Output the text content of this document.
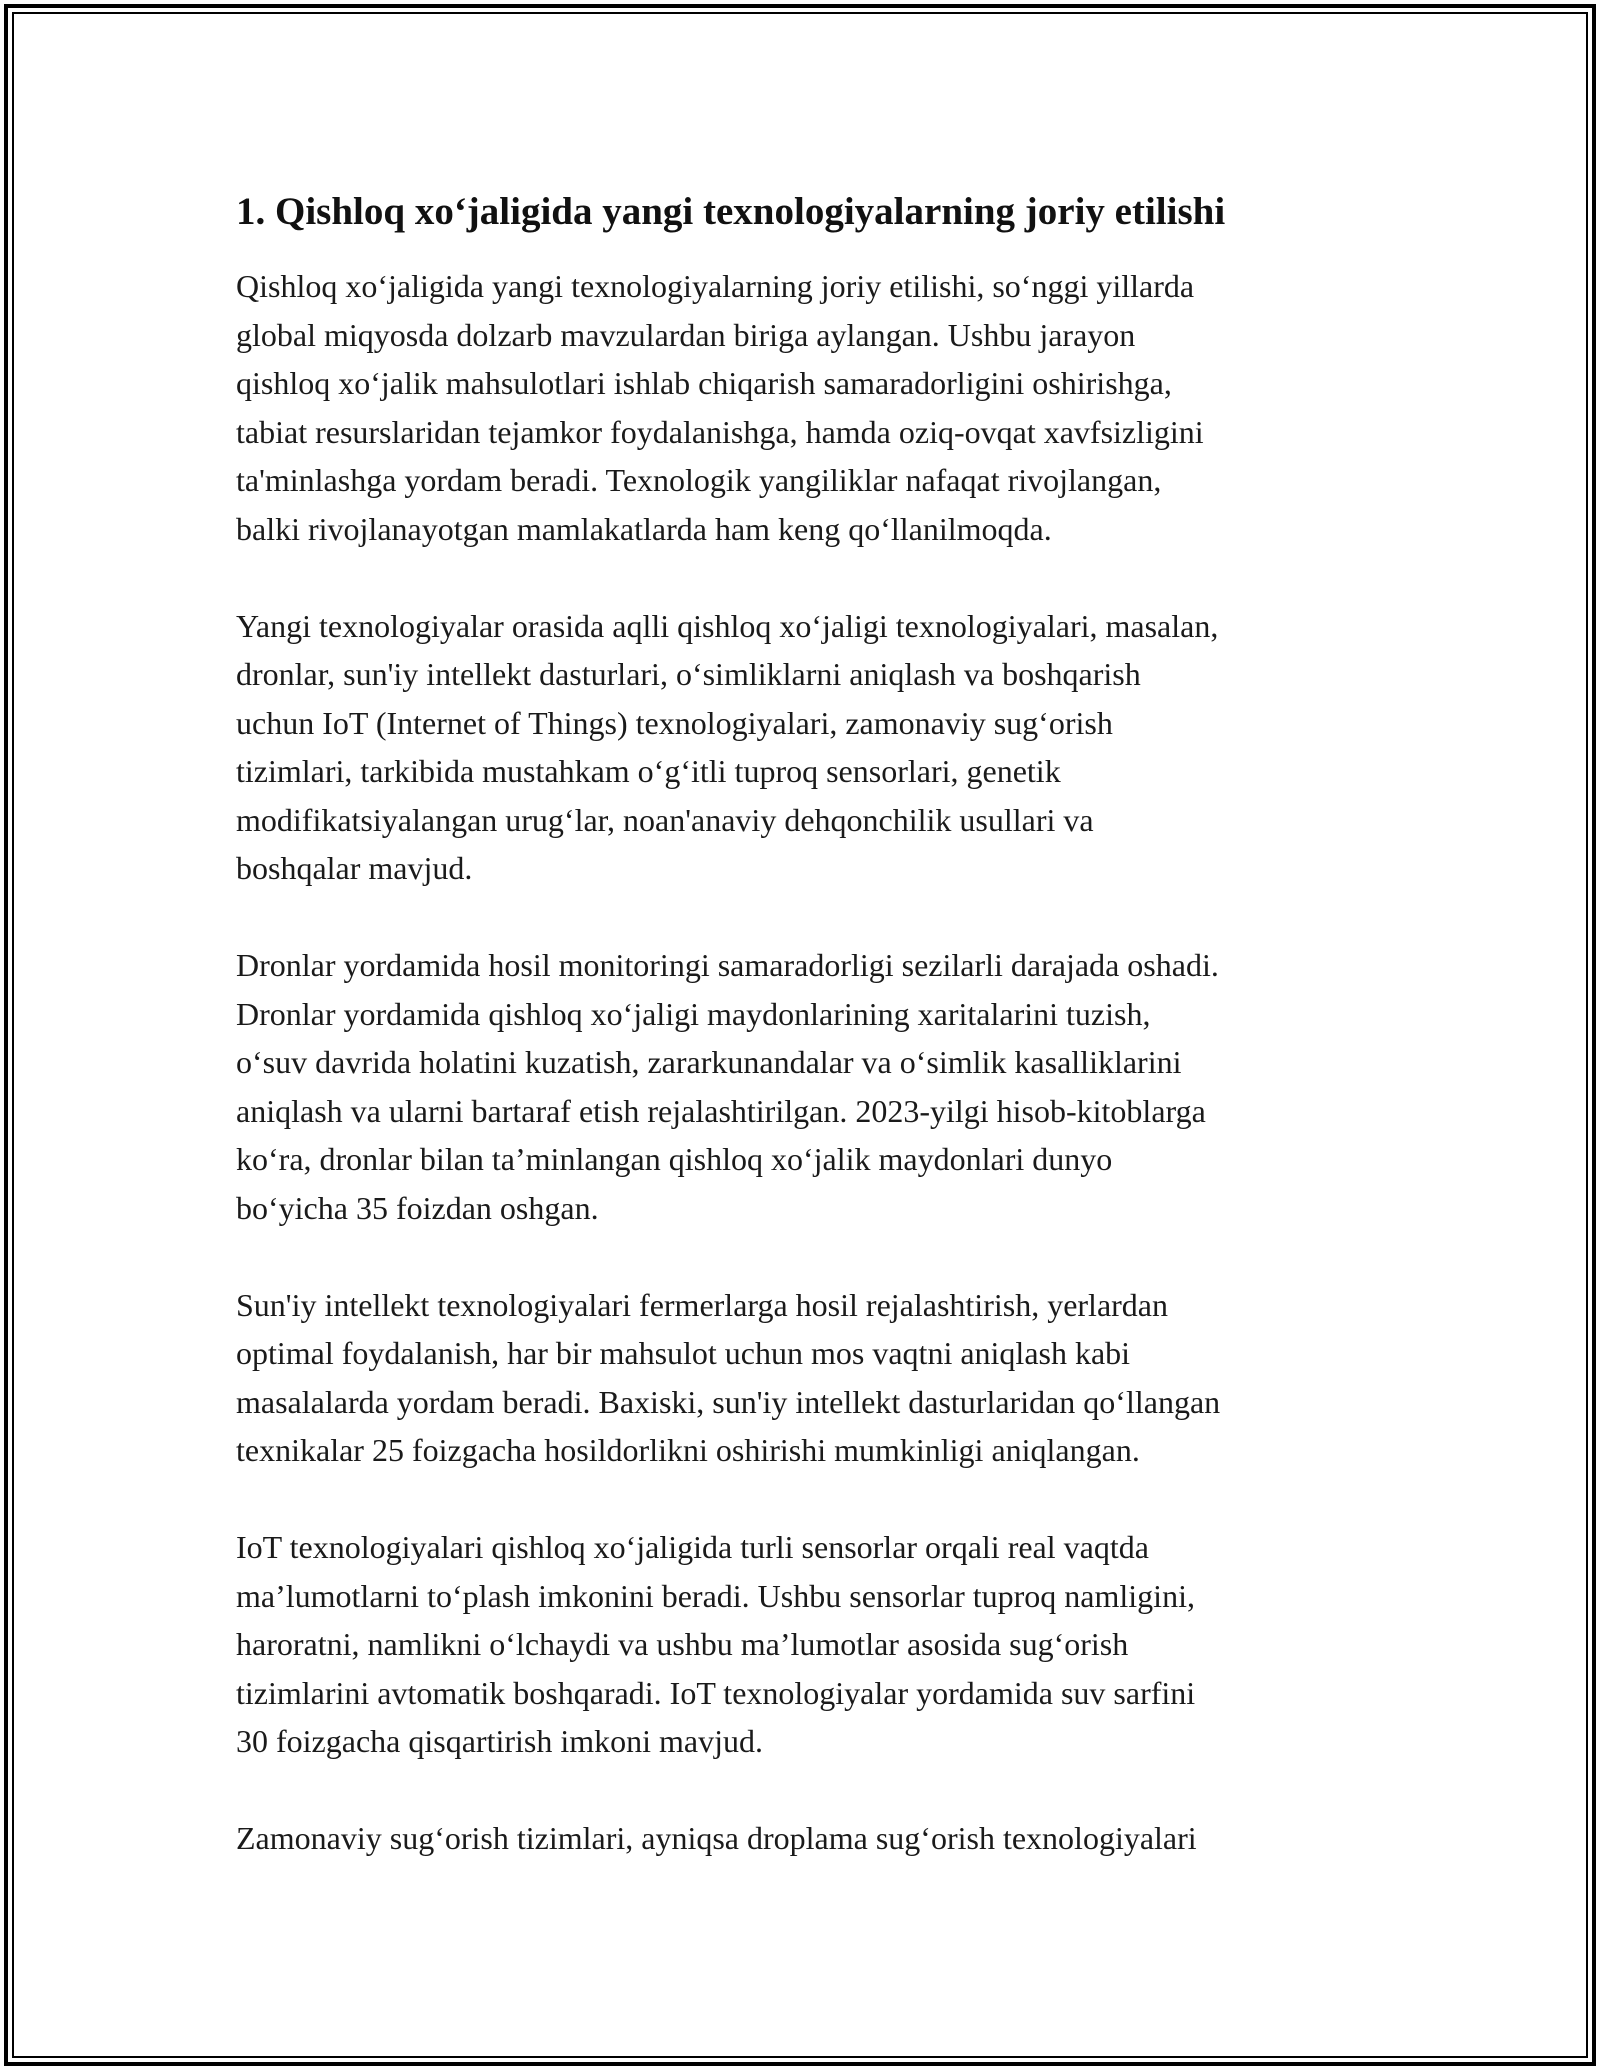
1. Qishloq xo‘jaligida yangi texnologiyalarning joriy etilishi

Qishloq xo‘jaligida yangi texnologiyalarning joriy etilishi, so‘nggi yillarda
global miqyosda dolzarb mavzulardan biriga aylangan. Ushbu jarayon
qishloq xo‘jalik mahsulotlari ishlab chiqarish samaradorligini oshirishga,
tabiat resurslaridan tejamkor foydalanishga, hamda oziq-ovqat xavfsizligini
ta'minlashga yordam beradi. Texnologik yangiliklar nafaqat rivojlangan,
balki rivojlanayotgan mamlakatlarda ham keng qo‘llanilmoqda.

Yangi texnologiyalar orasida aqlli qishloq xo‘jaligi texnologiyalari, masalan,
dronlar, sun'iy intellekt dasturlari, o‘simliklarni aniqlash va boshqarish
uchun IoT (Internet of Things) texnologiyalari, zamonaviy sug‘orish
tizimlari, tarkibida mustahkam o‘g‘itli tuproq sensorlari, genetik
modifikatsiyalangan urug‘lar, noan'anaviy dehqonchilik usullari va
boshqalar mavjud.

Dronlar yordamida hosil monitoringi samaradorligi sezilarli darajada oshadi.
Dronlar yordamida qishloq xo‘jaligi maydonlarining xaritalarini tuzish,
o‘suv davrida holatini kuzatish, zararkunandalar va o‘simlik kasalliklarini
aniqlash va ularni bartaraf etish rejalashtirilgan. 2023-yilgi hisob-kitoblarga
ko‘ra, dronlar bilan ta’minlangan qishloq xo‘jalik maydonlari dunyo
bo‘yicha 35 foizdan oshgan.

Sun'iy intellekt texnologiyalari fermerlarga hosil rejalashtirish, yerlardan
optimal foydalanish, har bir mahsulot uchun mos vaqtni aniqlash kabi
masalalarda yordam beradi. Baxiski, sun'iy intellekt dasturlaridan qo‘llangan
texnikalar 25 foizgacha hosildorlikni oshirishi mumkinligi aniqlangan.

IoT texnologiyalari qishloq xo‘jaligida turli sensorlar orqali real vaqtda
ma’lumotlarni to‘plash imkonini beradi. Ushbu sensorlar tuproq namligini,
haroratni, namlikni o‘lchaydi va ushbu ma’lumotlar asosida sug‘orish
tizimlarini avtomatik boshqaradi. IoT texnologiyalar yordamida suv sarfini
30 foizgacha qisqartirish imkoni mavjud.

Zamonaviy sug‘orish tizimlari, ayniqsa droplama sug‘orish texnologiyalari
